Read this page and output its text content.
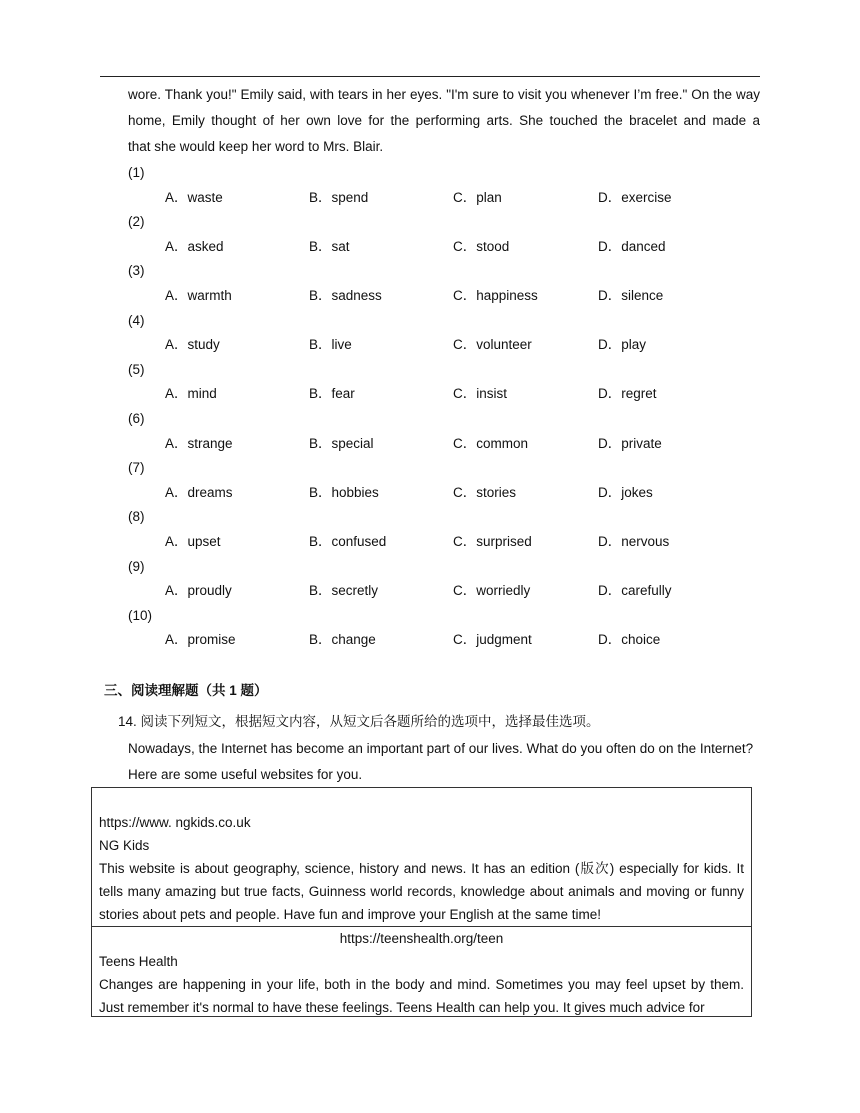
wore. Thank you!" Emily said, with tears in her eyes. "I'm sure to visit you whenever I’m free." On the way

home, Emily thought of her own love for the performing arts. She touched the bracelet and made a

that she would keep her word to Mrs. Blair.

(1)
A．waste	B．spend	C．plan	D．exercise
(2)
A．asked	B．sat	C．stood	D．danced
(3)
A．warmth	B．sadness	C．happiness	D．silence
(4)
A．study	B．live	C．volunteer	D．play
(5)
A．mind	B．fear	C．insist	D．regret
(6)
A．strange	B．special	C．common	D．private
(7)
A．dreams	B．hobbies	C．stories	D．jokes
(8)
A．upset	B．confused	C．surprised	D．nervous
(9)
A．proudly	B．secretly	C．worriedly	D．carefully
(10)
A．promise	B．change	C．judgment	D．choice
三、阅读理解题（共 1 题）
14. 阅读下列短文，根据短文内容，从短文后各题所给的选项中，选择最佳选项。

Nowadays, the Internet has become an important part of our lives. What do you often do on the Internet?

Here are some useful websites for you.

https://www. ngkids.co.uk
NG Kids
This website is about geography, science, history and news. It has an edition (版次) especially for kids. It tells many amazing but true facts, Guinness world records, knowledge about animals and moving or funny stories about pets and people. Have fun and improve your English at the same time!
https://teenshealth.org/teen
Teens Health
Changes are happening in your life, both in the body and mind. Sometimes you may feel upset by them. Just remember it's normal to have these feelings. Teens Health can help you. It gives much advice for
